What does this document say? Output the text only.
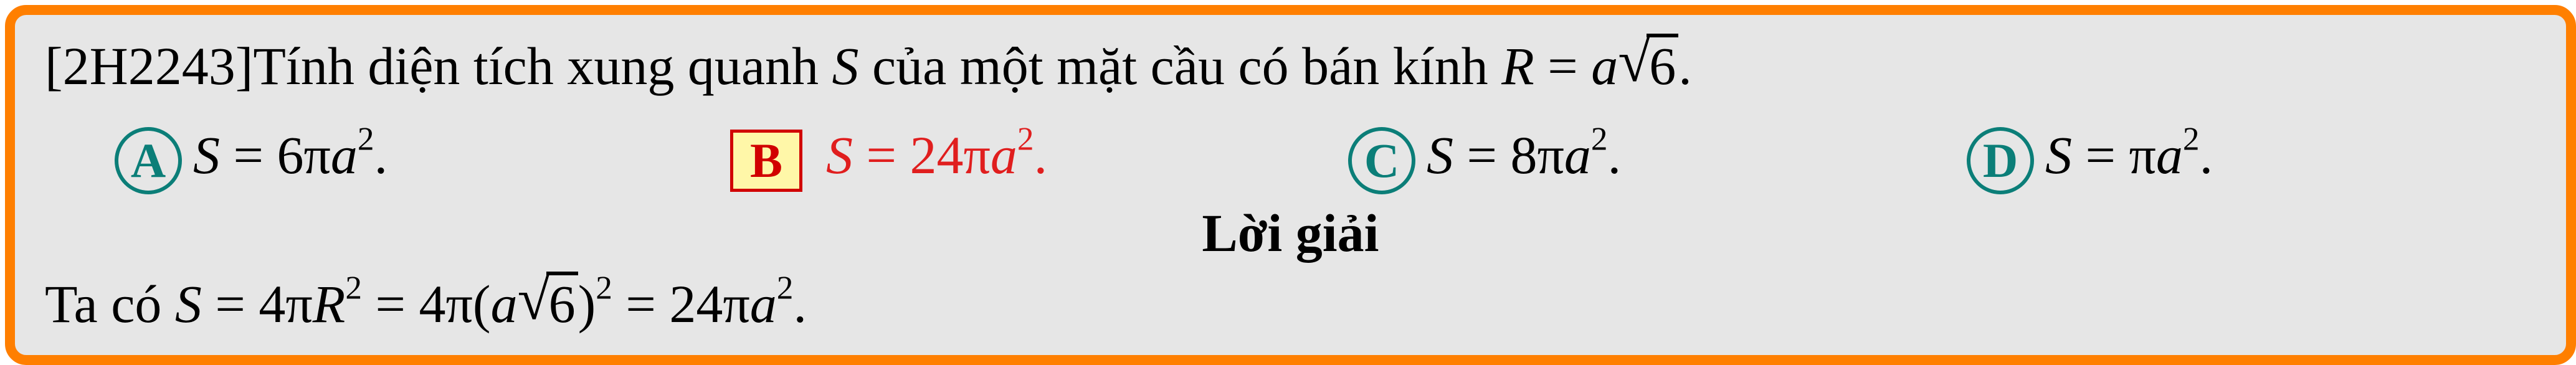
[2H2243]Tính diện tích xung quanh S của một mặt cầu có bán kính R = a √
6.
A $S = 6\pi a^2$.	B $S = 24\pi a^2$.	C $S = 8\pi a^2$.	D $S = \pi a^2$.
Lời giải
Ta có $S = 4\pi R^2 = 4\pi(a$ √
$6)^2 = 24\pi a^2$.
